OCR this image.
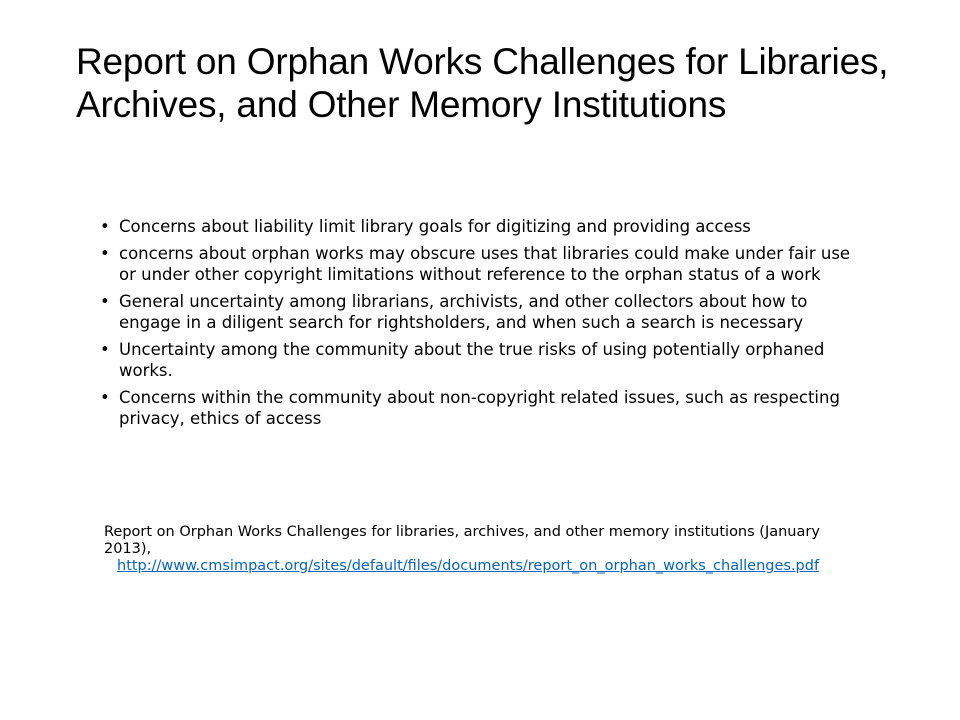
Report on Orphan Works Challenges for Libraries, Archives, and Other Memory Institutions
• Concerns about liability limit library goals for digitizing and providing access
• concerns about orphan works may obscure uses that libraries could make under fair use or under other copyright limitations without reference to the orphan status of a work
• General uncertainty among librarians, archivists, and other collectors about how to engage in a diligent search for rightsholders, and when such a search is necessary
• Uncertainty among the community about the true risks of using potentially orphaned works.
• Concerns within the community about non-copyright related issues, such as respecting privacy, ethics of access

Report on Orphan Works Challenges for libraries, archives, and other memory institutions (January 2013),
http://www.cmsimpact.org/sites/default/files/documents/report_on_orphan_works_challenges.pdf
